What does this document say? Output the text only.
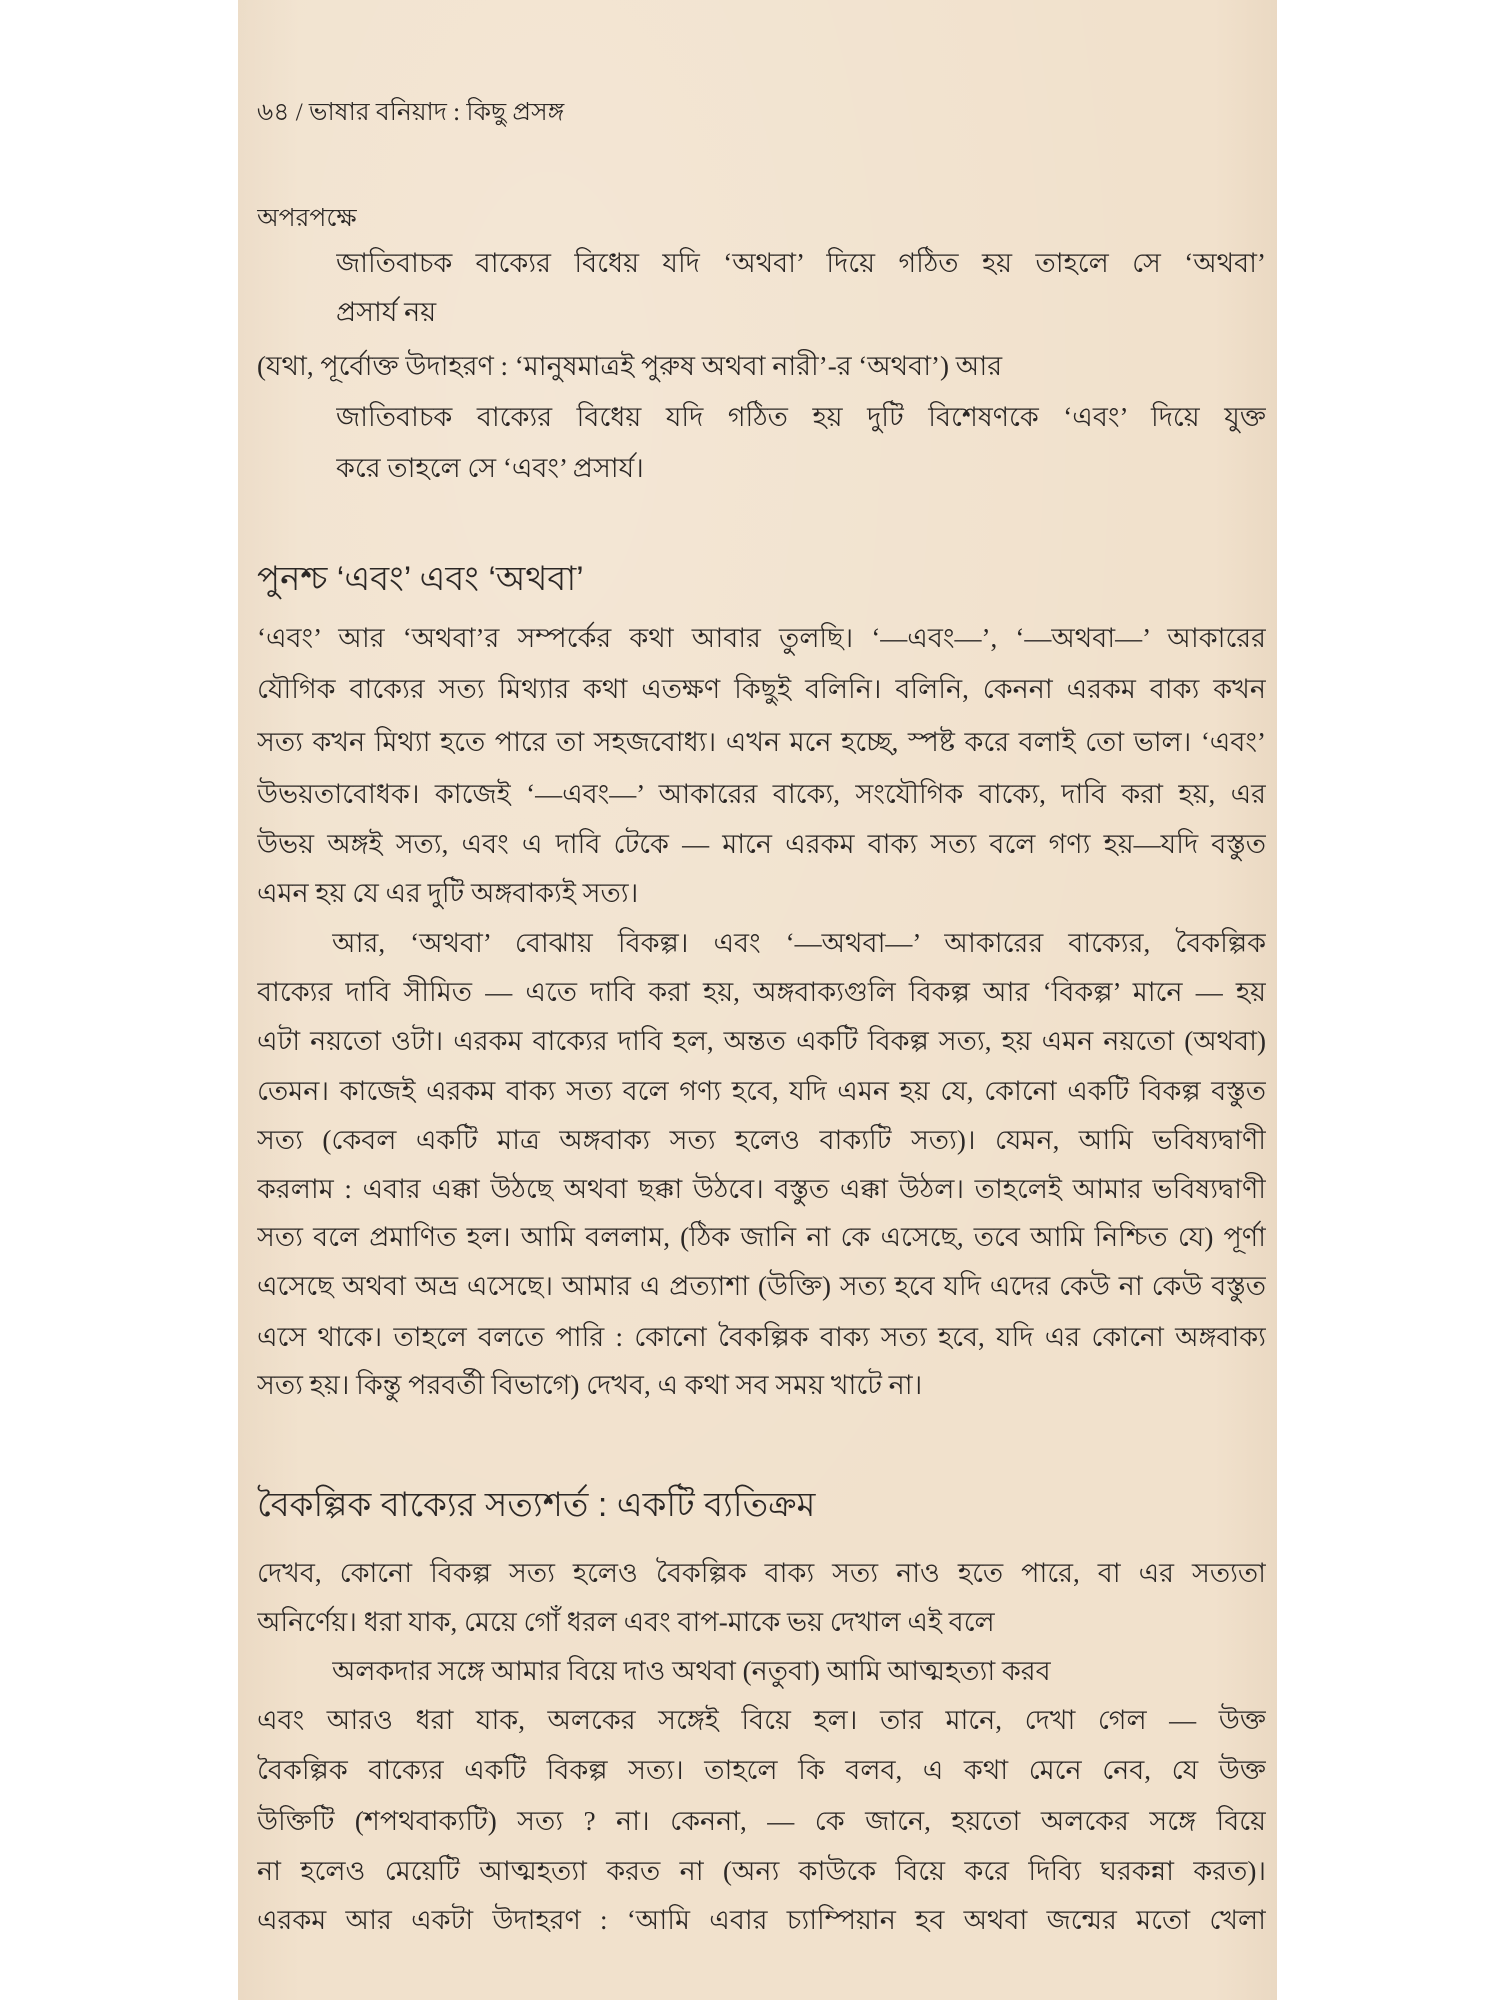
৬৪ / ভাষার বনিয়াদ : কিছু প্রসঙ্গ
অপরপক্ষে
জাতিবাচক বাক্যের বিধেয় যদি ‘অথবা’ দিয়ে গঠিত হয় তাহলে সে ‘অথবা’
প্রসার্য নয়
(যথা, পূর্বোক্ত উদাহরণ : ‘মানুষমাত্রই পুরুষ অথবা নারী’-র ‘অথবা’) আর
জাতিবাচক বাক্যের বিধেয় যদি গঠিত হয় দুটি বিশেষণকে ‘এবং’ দিয়ে যুক্ত
করে তাহলে সে ‘এবং’ প্রসার্য।
পুনশ্চ ‘এবং’ এবং ‘অথবা’
‘এবং’ আর ‘অথবা’র সম্পর্কের কথা আবার তুলছি। ‘—এবং—’, ‘—অথবা—’ আকারের
যৌগিক বাক্যের সত্য মিথ্যার কথা এতক্ষণ কিছুই বলিনি। বলিনি, কেননা এরকম বাক্য কখন
সত্য কখন মিথ্যা হতে পারে তা সহজবোধ্য। এখন মনে হচ্ছে, স্পষ্ট করে বলাই তো ভাল। ‘এবং’
উভয়তাবোধক। কাজেই ‘—এবং—’ আকারের বাক্যে, সংযৌগিক বাক্যে, দাবি করা হয়, এর
উভয় অঙ্গই সত্য, এবং এ দাবি টেকে — মানে এরকম বাক্য সত্য বলে গণ্য হয়—যদি বস্তুত
এমন হয় যে এর দুটি অঙ্গবাক্যই সত্য।
আর, ‘অথবা’ বোঝায় বিকল্প। এবং ‘—অথবা—’ আকারের বাক্যের, বৈকল্পিক
বাক্যের দাবি সীমিত — এতে দাবি করা হয়, অঙ্গবাক্যগুলি বিকল্প আর ‘বিকল্প’ মানে — হয়
এটা নয়তো ওটা। এরকম বাক্যের দাবি হল, অন্তত একটি বিকল্প সত্য, হয় এমন নয়তো (অথবা)
তেমন। কাজেই এরকম বাক্য সত্য বলে গণ্য হবে, যদি এমন হয় যে, কোনো একটি বিকল্প বস্তুত
সত্য (কেবল একটি মাত্র অঙ্গবাক্য সত্য হলেও বাক্যটি সত্য)। যেমন, আমি ভবিষ্যদ্বাণী
করলাম : এবার এক্কা উঠছে অথবা ছক্কা উঠবে। বস্তুত এক্কা উঠল। তাহলেই আমার ভবিষ্যদ্বাণী
সত্য বলে প্রমাণিত হল। আমি বললাম, (ঠিক জানি না কে এসেছে, তবে আমি নিশ্চিত যে) পূর্ণা
এসেছে অথবা অভ্র এসেছে। আমার এ প্রত্যাশা (উক্তি) সত্য হবে যদি এদের কেউ না কেউ বস্তুত
এসে থাকে। তাহলে বলতে পারি : কোনো বৈকল্পিক বাক্য সত্য হবে, যদি এর কোনো অঙ্গবাক্য
সত্য হয়। কিন্তু পরবর্তী বিভাগে) দেখব, এ কথা সব সময় খাটে না।
বৈকল্পিক বাক্যের সত্যশর্ত : একটি ব্যতিক্রম
দেখব, কোনো বিকল্প সত্য হলেও বৈকল্পিক বাক্য সত্য নাও হতে পারে, বা এর সত্যতা
অনির্ণেয়। ধরা যাক, মেয়ে গোঁ ধরল এবং বাপ-মাকে ভয় দেখাল এই বলে
অলকদার সঙ্গে আমার বিয়ে দাও অথবা (নতুবা) আমি আত্মহত্যা করব
এবং আরও ধরা যাক, অলকের সঙ্গেই বিয়ে হল। তার মানে, দেখা গেল — উক্ত
বৈকল্পিক বাক্যের একটি বিকল্প সত্য। তাহলে কি বলব, এ কথা মেনে নেব, যে উক্ত
উক্তিটি (শপথবাক্যটি) সত্য ? না। কেননা, — কে জানে, হয়তো অলকের সঙ্গে বিয়ে
না হলেও মেয়েটি আত্মহত্যা করত না (অন্য কাউকে বিয়ে করে দিব্যি ঘরকন্না করত)।
এরকম আর একটা উদাহরণ : ‘আমি এবার চ্যাম্পিয়ান হব অথবা জন্মের মতো খেলা
